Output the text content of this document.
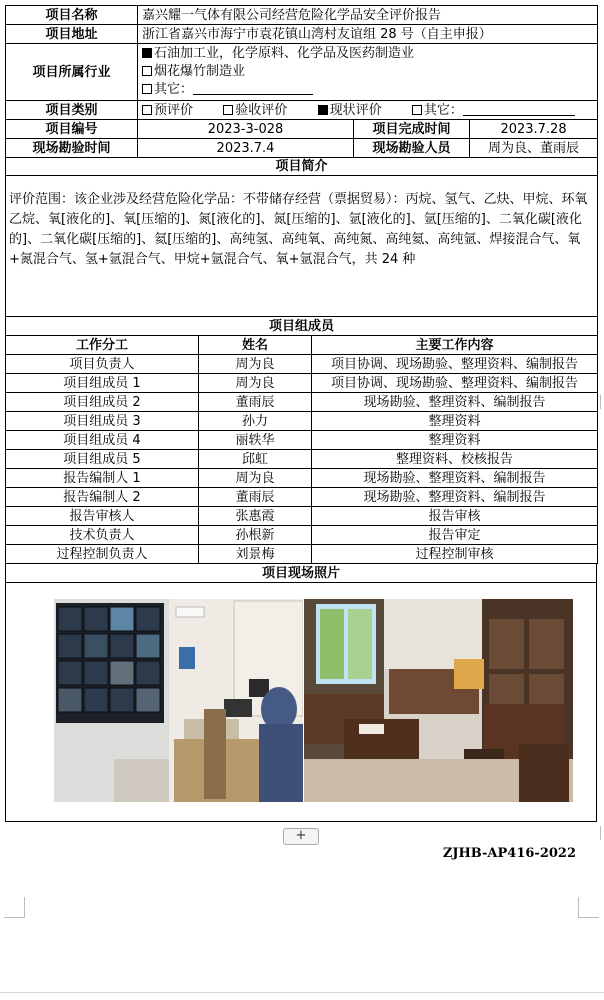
项目名称	嘉兴耀一气体有限公司经营危险化学品安全评价报告				
项目地址	浙江省嘉兴市海宁市袁花镇山湾村友谊组 28 号（自主申报）				
项目所属行业	石油加工业，化学原料、化学品及医药制造业
烟花爆竹制造业
其它：				

项目类别	预评价 验收评价 现状评价 其它：				
项目编号	2023-3-028			项目完成时间	2023.7.28
现场勘验时间	2023.7.4			现场勘验人员	周为良、董雨辰
项目简介					
评价范围：该企业涉及经营危险化学品：不带储存经营（票据贸易）：丙烷、氢气、乙炔、甲烷、环氧乙烷、氧[液化的]、氧[压缩的]、氮[液化的]、氮[压缩的]、氩[液化的]、氩[压缩的]、二氧化碳[液化的]、二氧化碳[压缩的]、氦[压缩的]、高纯氢、高纯氧、高纯氮、高纯氦、高纯氩、焊接混合气、氧+氮混合气、氢+氩混合气、甲烷+氩混合气、氧+氩混合气，共 24 种					
项目组成员					
工作分工		姓名	主要工作内容		
项目负责人	周为良	项目协调、现场勘验、整理资料、编制报告
项目组成员 1	周为良	项目协调、现场勘验、整理资料、编制报告
项目组成员 2	董雨辰	现场勘验、整理资料、编制报告
项目组成员 3	孙力	整理资料
项目组成员 4	丽轶华	整理资料
项目组成员 5	邱虹	整理资料、校核报告
报告编制人 1	周为良	现场勘验、整理资料、编制报告
报告编制人 2	董雨辰	现场勘验、整理资料、编制报告
报告审核人	张惠霞	报告审核
技术负责人	孙根新	报告审定
过程控制负责人	刘景梅	过程控制审核
项目现场照片

+
ZJHB-AP416-2022
